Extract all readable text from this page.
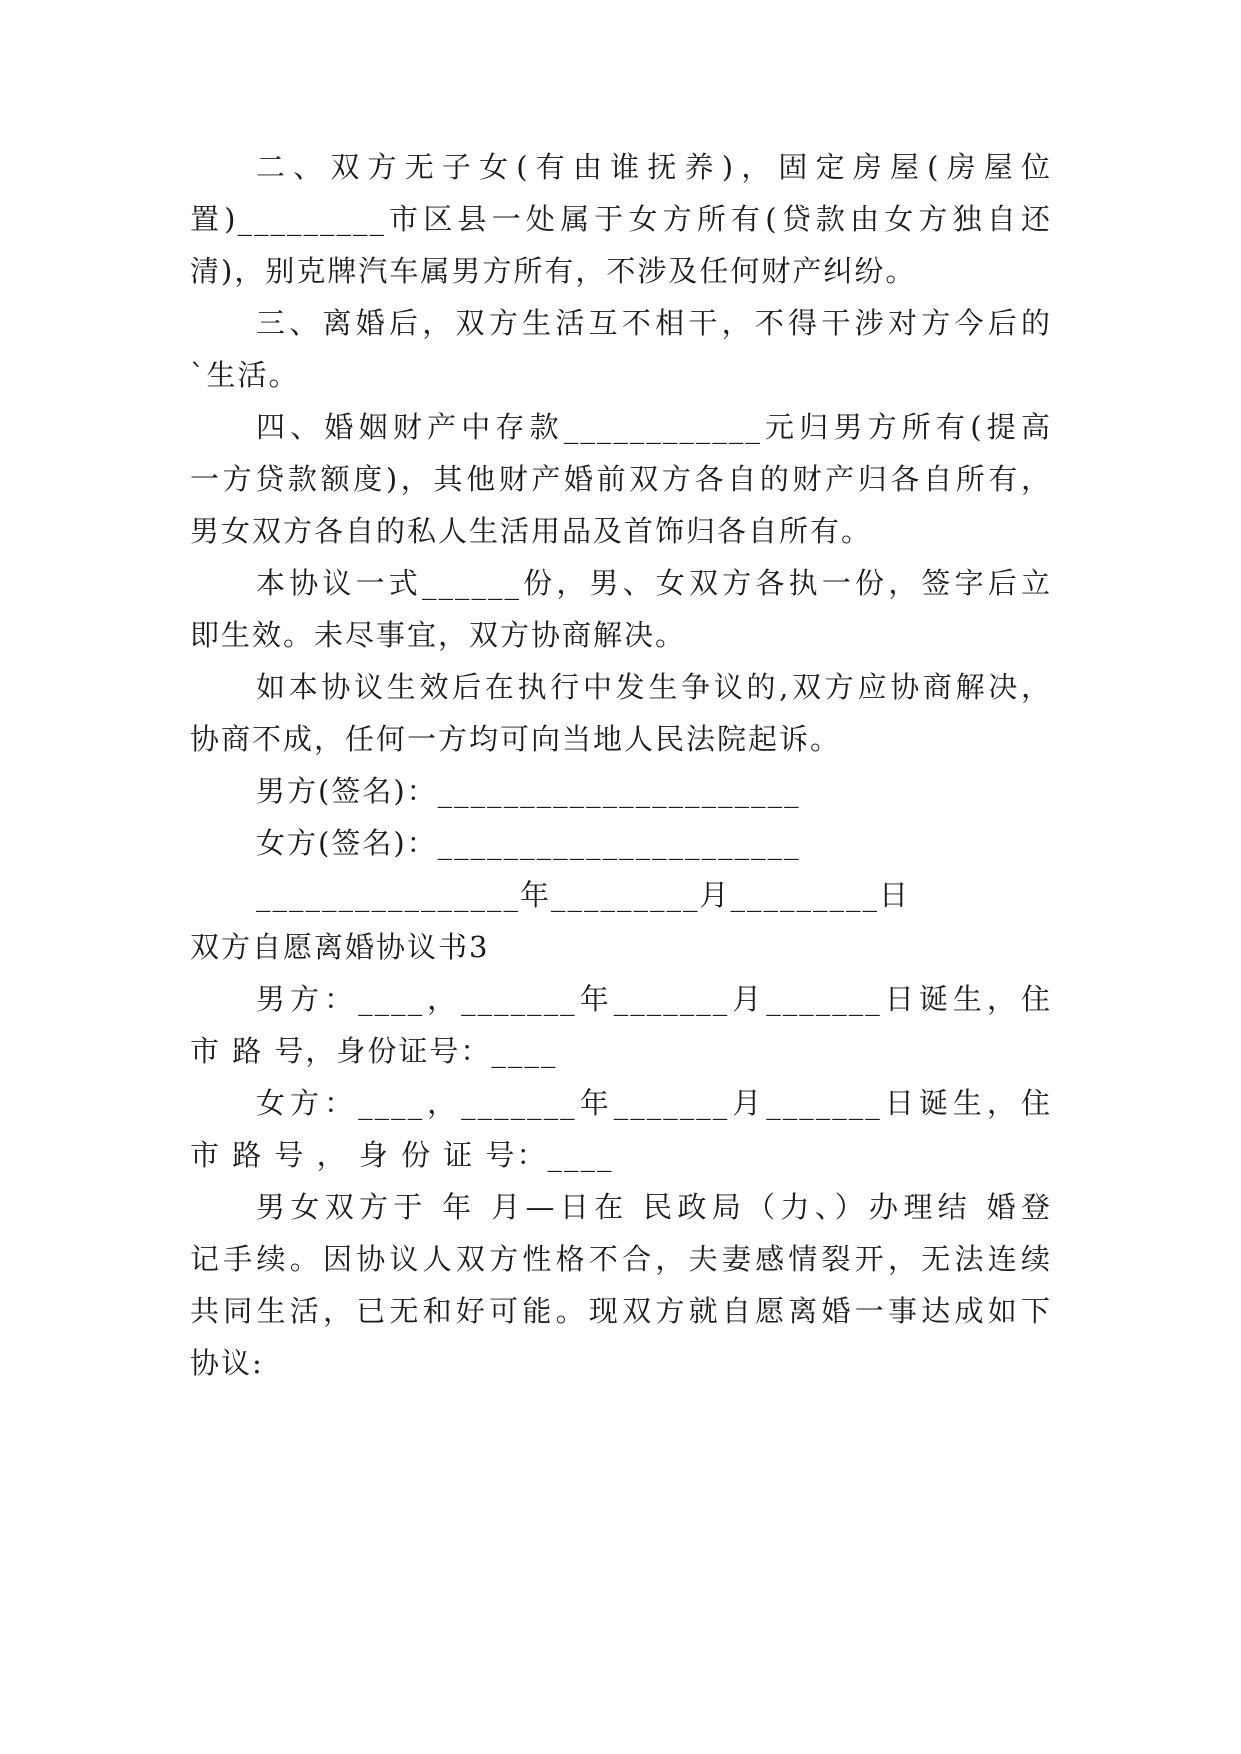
二、双方无子女(有由谁抚养)，固定房屋(房屋位
置)_________市区县一处属于女方所有(贷款由女方独自还
清)，别克牌汽车属男方所有，不涉及任何财产纠纷。
三、离婚后，双方生活互不相干，不得干涉对方今后的
`生活。
四、婚姻财产中存款____________元归男方所有(提高
一方贷款额度)，其他财产婚前双方各自的财产归各自所有，
男女双方各自的私人生活用品及首饰归各自所有。
本协议一式______份，男、女双方各执一份，签字后立
即生效。未尽事宜，双方协商解决。
如本协议生效后在执行中发生争议的,双方应协商解决，
协商不成，任何一方均可向当地人民法院起诉。
男方(签名)：______________________
女方(签名)：______________________
________________年_________月_________日
双方自愿离婚协议书3
男方：____，_______年_______月_______日诞生，住
市 路 号，身份证号：____
女方：____，_______年_______月_______日诞生，住
市 路 号 ， 身 份 证 号：____
男女双方于 年 月—日在 民政局（力、）办理结 婚登
记手续。因协议人双方性格不合，夫妻感情裂开，无法连续
共同生活，已无和好可能。现双方就自愿离婚一事达成如下
协议:
